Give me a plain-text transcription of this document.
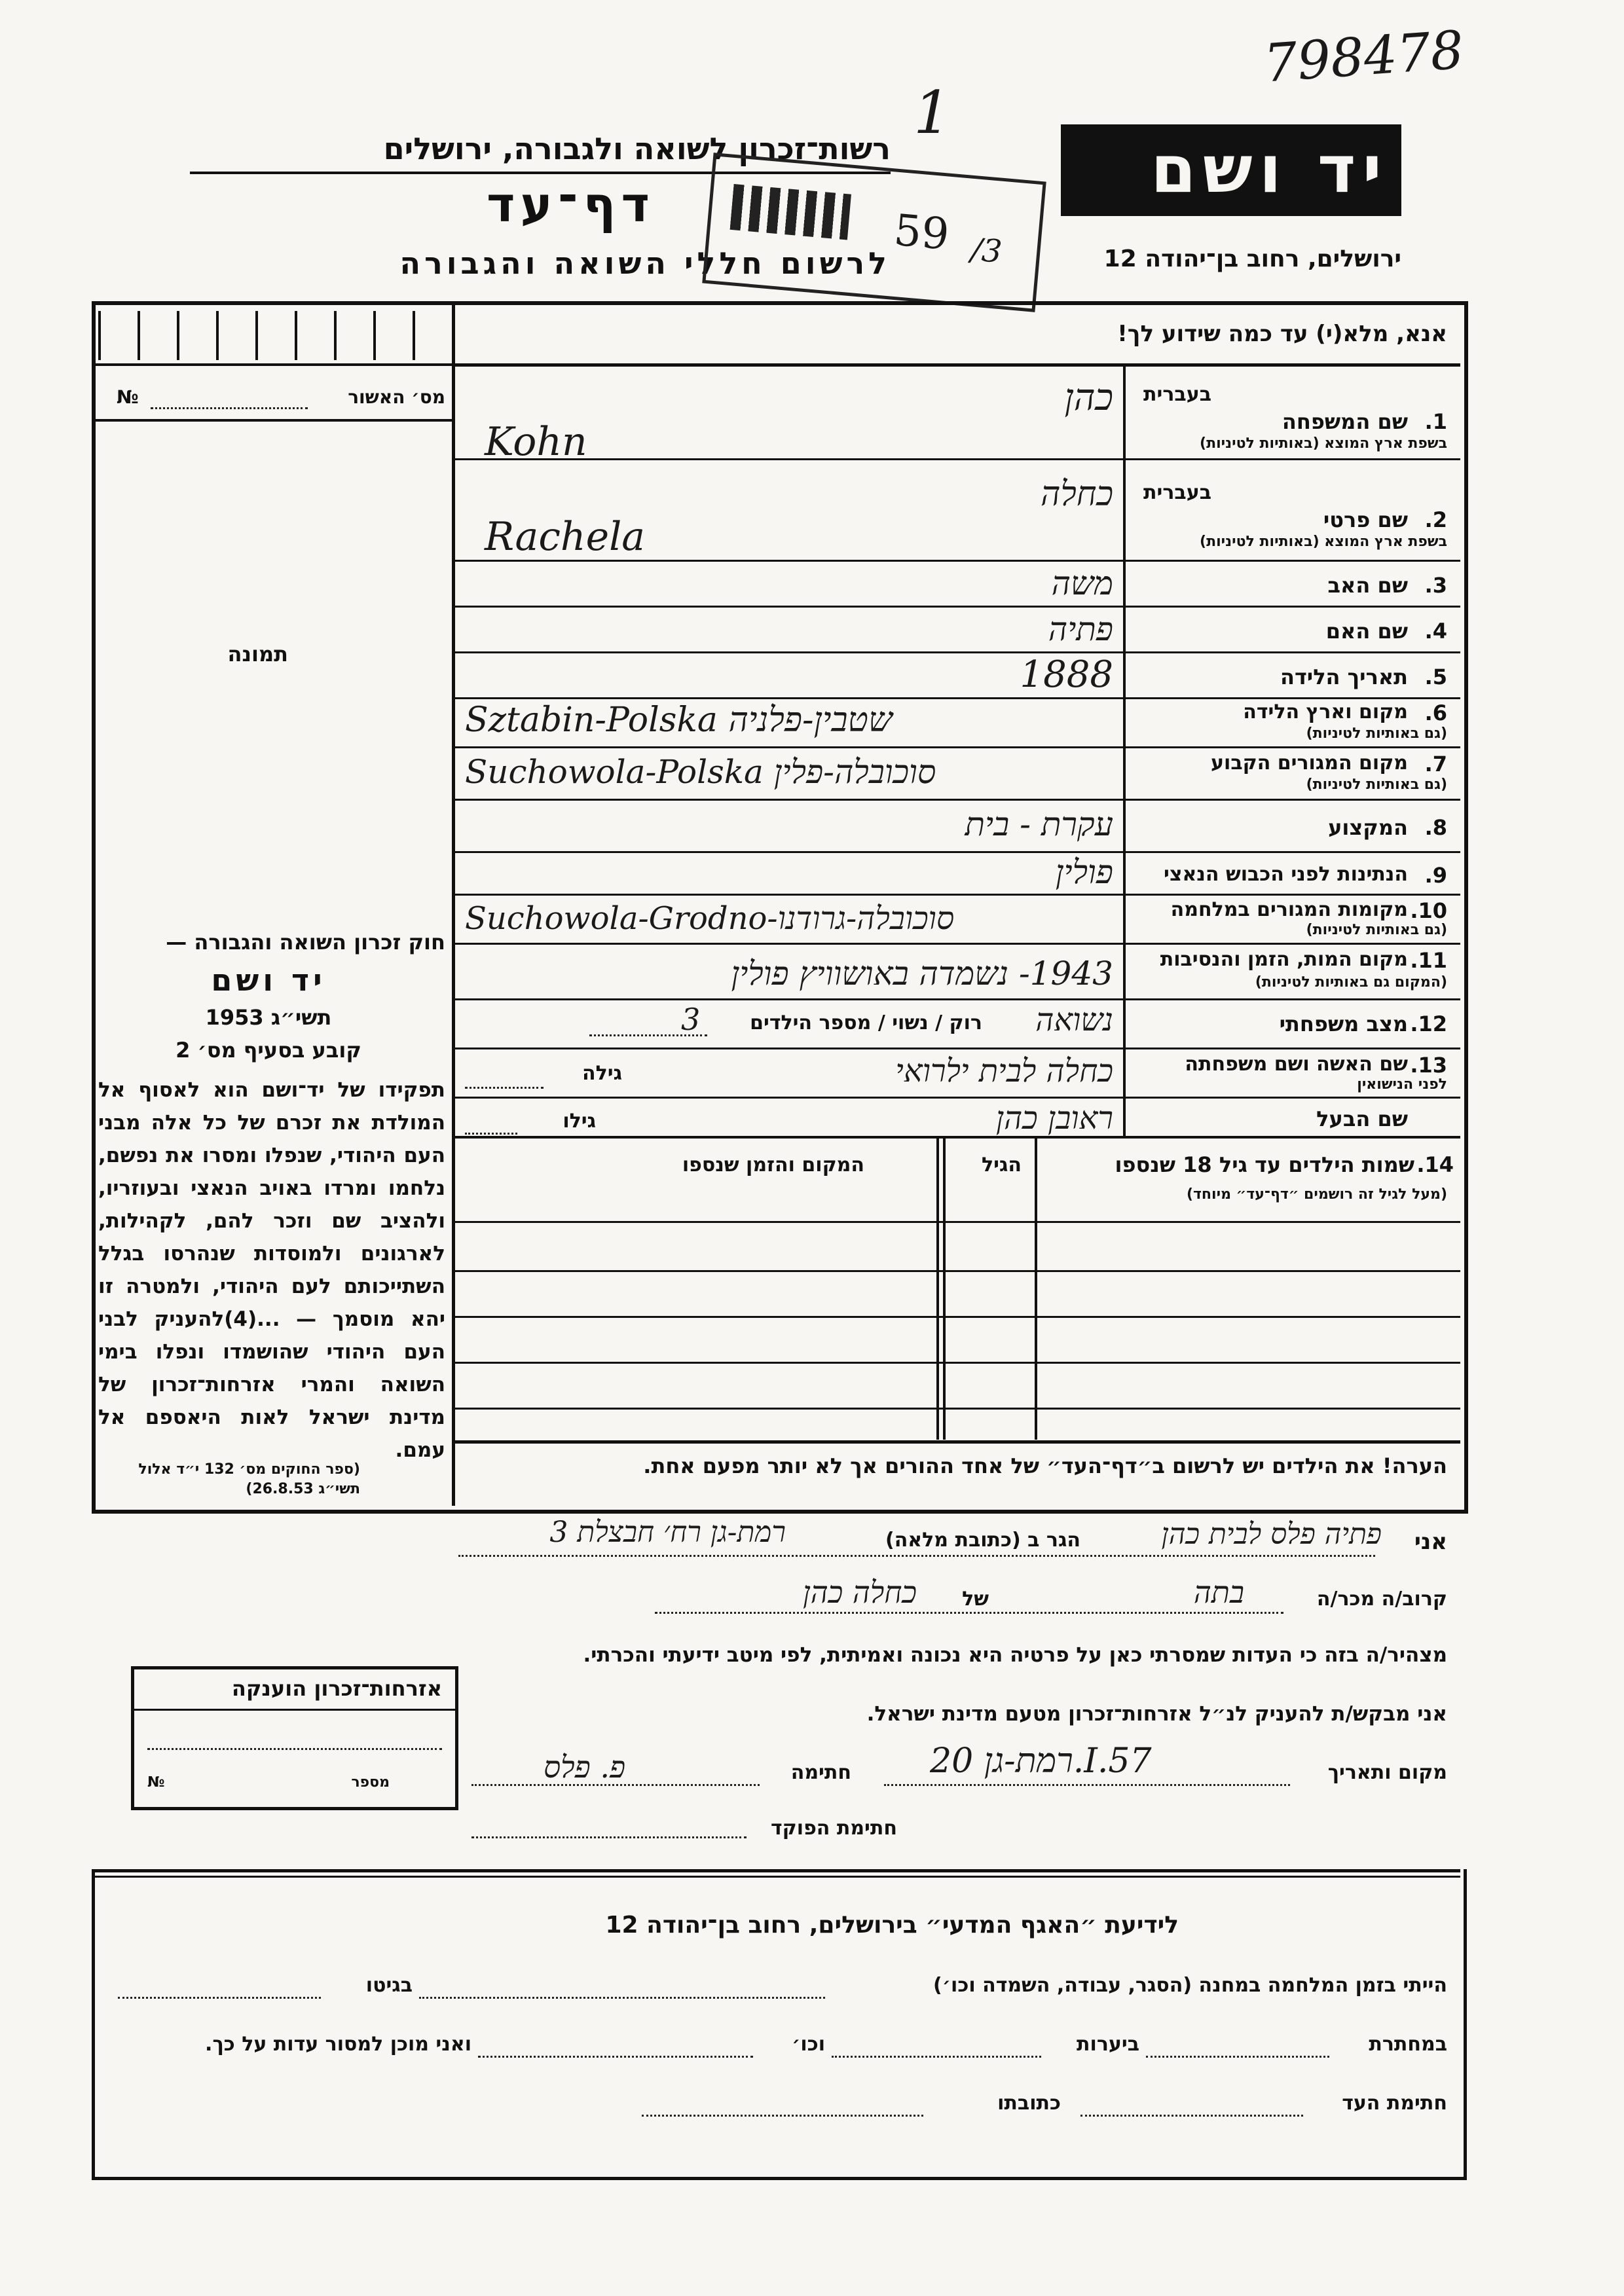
798478
1
רשות־זכרון לשואה ולגבורה, ירושלים
דף־עד
לרשום חללי השואה והגבורה
59 /3
יד ושם
ירושלים, רחוב בן־יהודה 12
אנא, מלא(י) עד כמה שידוע לך!
מס׳ האשור
№
תמונה
בעברית
1.
שם המשפחה
בשפת ארץ המוצא (באותיות לטיניות)
כהן
Kohn
בעברית
2.
שם פרטי
בשפת ארץ המוצא (באותיות לטיניות)
כחלה
Rachela
3.
שם האב
משה
4.
שם האם
פתיה
5.
תאריך הלידה
1888
6.
מקום וארץ הלידה
(גם באותיות לטיניות)
Sztabin-Polska שטבין-פלניה
7.
מקום המגורים הקבוע
(גם באותיות לטיניות)
Suchowola-Polska סוכובלה-פלין
8.
המקצוע
עקרת - בית
9.
הנתינות לפני הכבוש הנאצי
פולין
10.
מקומות המגורים במלחמה
(גם באותיות לטיניות)
Suchowola-Grodno-סוכובלה-גרודנו
11.
מקום המות, הזמן והנסיבות
(המקום גם באותיות לטיניות)
1943- נשמדה באושוויץ פולין
12.
מצב משפחתי
נשואה
רוק / נשוי / מספר הילדים
3
13.
שם האשה ושם משפחתה
לפני הנישואין
כחלה לבית ילרואי
גילה
שם הבעל
ראובן כהן
גילו
14.
שמות הילדים עד גיל 18 שנספו
(מעל לגיל זה רושמים ״דף־עד״ מיוחד)
הגיל
המקום והזמן שנספו
הערה! את הילדים יש לרשום ב״דף־העד״ של אחד ההורים אך לא יותר מפעם אחת.
חוק זכרון השואה והגבורה —
יד ושם
תשי״ג 1953
קובע בסעיף מס׳ 2
תפקידו של יד־ושם הוא לאסוף אל המולדת את זכרם של כל אלה מבני העם היהודי, שנפלו ומסרו את נפשם, נלחמו ומרדו באויב הנאצי ובעוזריו, ולהציב שם וזכר להם, לקהילות, לארגונים ולמוסדות שנהרסו בגלל השתייכותם לעם היהודי, ולמטרה זו יהא מוסמך — ...(4)להעניק לבני העם היהודי שהושמדו ונפלו בימי השואה והמרי אזרחות־זכרון של מדינת ישראל לאות היאספם אל עמם.
(ספר החוקים מס׳ 132 י״ד אלול תשי״ג 26.8.53)
אני
פתיה פלס לבית כהן
הגר ב (כתובת מלאה)
רמת-גן רח׳ חבצלת 3
קרוב/ה מכר/ה
בתה
של
כחלה כהן
מצהיר/ה בזה כי העדות שמסרתי כאן על פרטיה היא נכונה ואמיתית, לפי מיטב ידיעתי והכרתי.
אני מבקש/ת להעניק לנ״ל אזרחות־זכרון מטעם מדינת ישראל.
מקום ותאריך
רמת-גן 20.I.57
חתימה
פ. פלס
חתימת הפוקד
אזרחות־זכרון הוענקה
מספר
№
לידיעת ״האגף המדעי״ בירושלים, רחוב בן־יהודה 12
הייתי בזמן המלחמה במחנה (הסגר, עבודה, השמדה וכו׳)
בגיטו
במחתרת
ביערות
וכו׳
ואני מוכן למסור עדות על כך.
חתימת העד
כתובתו
